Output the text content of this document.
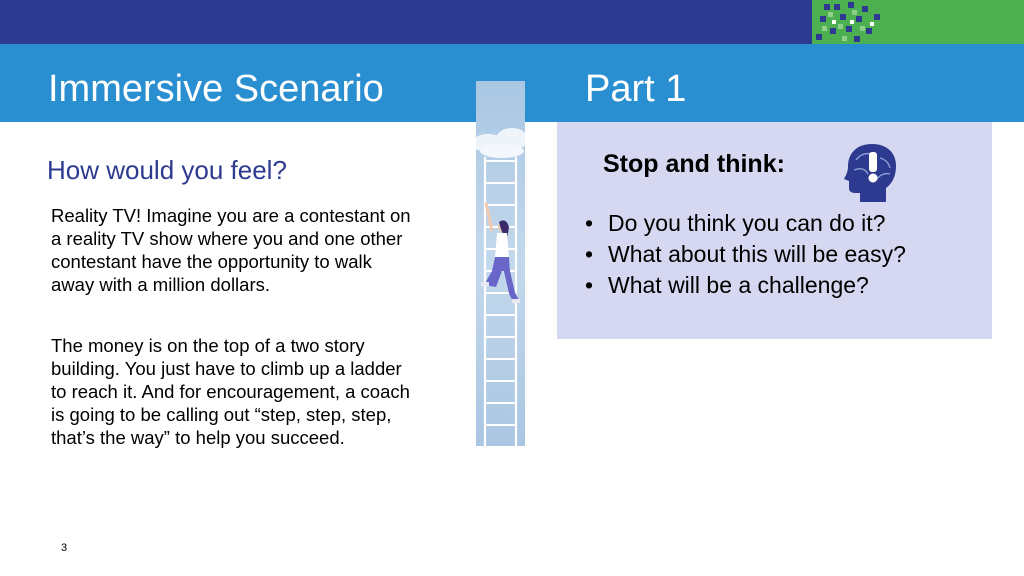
Immersive Scenario	Part 1
How would you feel?

Reality TV! Imagine you are a contestant on a reality TV show where you and one other contestant have the opportunity to walk away with a million dollars.

The money is on the top of a two story building. You just have to climb up a ladder to reach it. And for encouragement, a coach is going to be calling out “step, step, step, that’s the way” to help you succeed.

Stop and think:
• Do you think you can do it?
• What about this will be easy?
• What will be a challenge?
3
